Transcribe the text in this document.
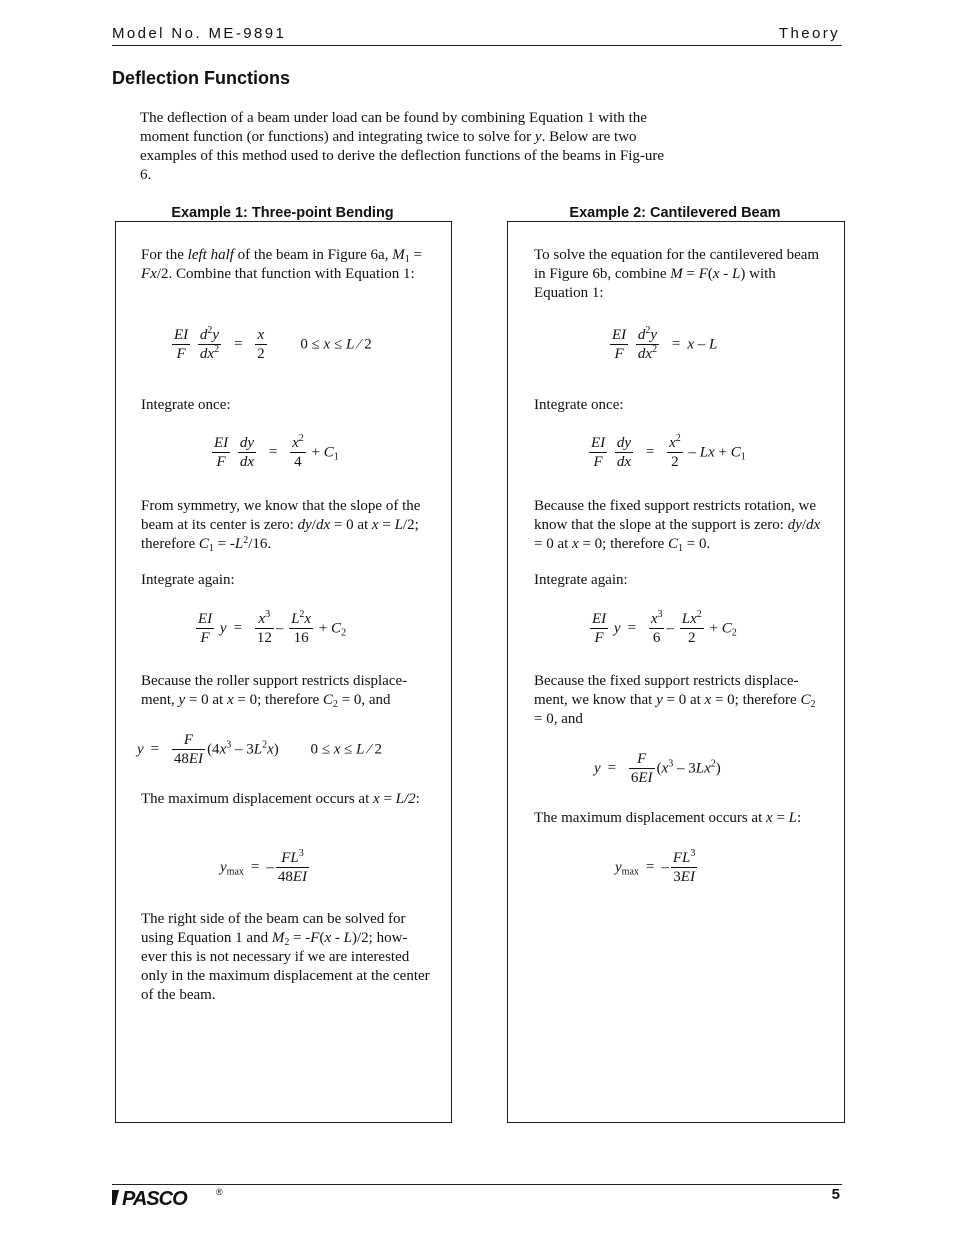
Model No. ME-9891	Theory
Deflection Functions
The deflection of a beam under load can be found by combining Equation 1 with the moment function (or functions) and integrating twice to solve for y. Below are two examples of this method used to derive the deflection functions of the beams in Fig-ure 6.
Example 1: Three-point Bending	Example 2: Cantilevered Beam
For the left half of the beam in Figure 6a, $M_1 = Fx/2$. Combine that function with Equation 1:
$\frac{EI}{F}$
$\frac{d^2y}{dx^2} = \frac{x}{2} 0 \le x \le L$ ⁄ 2
Integrate once:
$\frac{EI}{F}$
$\frac{dy}{dx} = \frac{x^2}{4} + C_1$
From symmetry, we know that the slope of the beam at its center is zero: dy/dx = 0 at x = L/2; therefore $C_1 = -L^2/16$.
Integrate again:
$\frac{EI}{F}$ $y = \frac{x^3}{12} - \frac{L^2x}{16} + C_2$
Because the roller support restricts displace-ment, y = 0 at x = 0; therefore $C_2 = 0$, and
$y = \frac{F}{48EI} (4x^3 - 3L^2x) 0 \le x \le L$ ⁄ 2
The maximum displacement occurs at x = L/2:
$y_{max}$ = – $\frac{FL^3}{48EI}$
The right side of the beam can be solved for using Equation 1 and $M_2 = -F(x - L)/2$; how-ever this is not necessary if we are interested only in the maximum displacement at the center of the beam.
To solve the equation for the cantilevered beam in Figure 6b, combine M = F(x - L) with Equation 1:
$\frac{EI}{F}$
$\frac{d^2y}{dx^2} = x - L$
Integrate once:
$\frac{EI}{F}$
$\frac{dy}{dx} = \frac{x^2}{2} - Lx + C_1$
Because the fixed support restricts rotation, we know that the slope at the support is zero: dy/dx = 0 at x = 0; therefore $C_1 = 0$.
Integrate again:
$\frac{EI}{F}$ $y = \frac{x^3}{6} - \frac{Lx^2}{2} + C_2$
Because the fixed support restricts displace-ment, we know that y = 0 at x = 0; therefore $C_2 = 0$, and
$y = \frac{F}{6EI} (x^3 - 3Lx^2)$
The maximum displacement occurs at x = L:
$y_{max}$ = – $\frac{FL^3}{3EI}$
PASCO	®	5
